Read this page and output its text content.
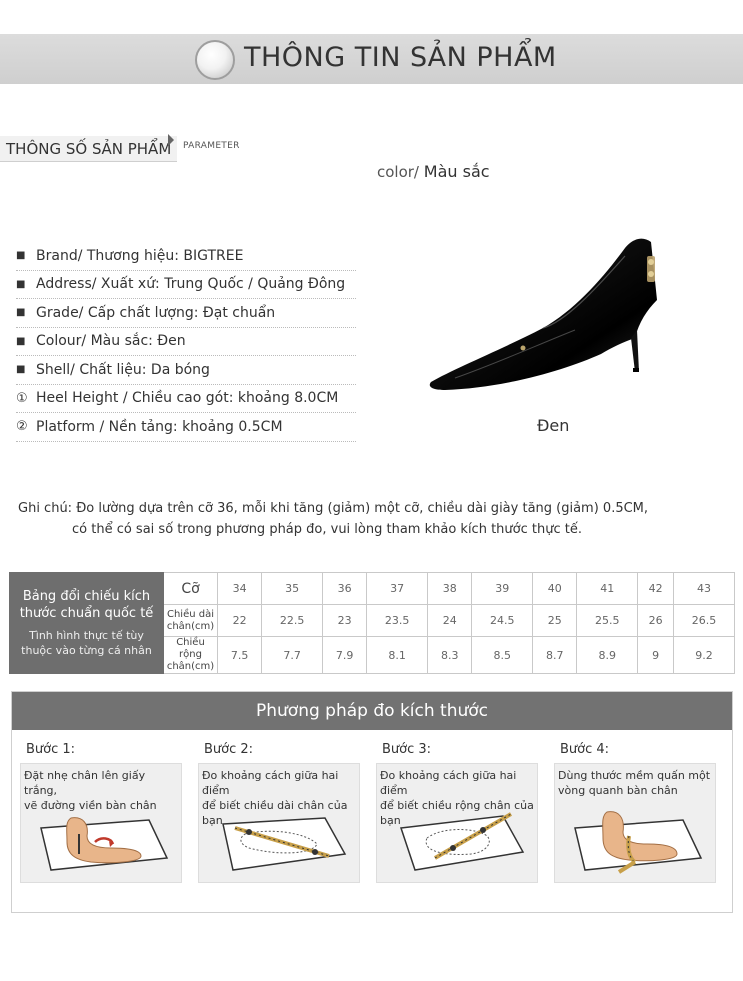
THÔNG TIN SẢN PHẨM
THÔNG SỐ SẢN PHẨM	PARAMETER
color/ Màu sắc
■ Brand/ Thương hiệu: BIGTREE
■ Address/ Xuất xứ: Trung Quốc / Quảng Đông
■ Grade/ Cấp chất lượng: Đạt chuẩn
■ Colour/ Màu sắc: Đen
■ Shell/ Chất liệu: Da bóng
① Heel Height / Chiều cao gót: khoảng 8.0CM
② Platform / Nền tảng: khoảng 0.5CM	Đen
Ghi chú: Đo lường dựa trên cỡ 36, mỗi khi tăng (giảm) một cỡ, chiều dài giày tăng (giảm) 0.5CM,
có thể có sai số trong phương pháp đo, vui lòng tham khảo kích thước thực tế.
Bảng đổi chiếu kích
thước chuẩn quốc tế
Tình hình thực tế tùy
thuộc vào từng cá nhân	Cỡ	34	35	36	37	38	39	40	41	42	43

	Chiều dài
chân(cm)	22	22.5	23	23.5	24	24.5	25	25.5	26	26.5

	Chiều rộng
chân(cm)	7.5	7.7	7.9	8.1	8.3	8.5	8.7	8.9	9	9.2
Phương pháp đo kích thước
Bước 1:
Đặt nhẹ chân lên giấy trắng,
vẽ đường viền bàn chân
Bước 2:
Đo khoảng cách giữa hai điểm
để biết chiều dài chân của bạn
Bước 3:
Đo khoảng cách giữa hai điểm
để biết chiều rộng chân của bạn
Bước 4:
Dùng thước mềm quấn một
vòng quanh bàn chân
